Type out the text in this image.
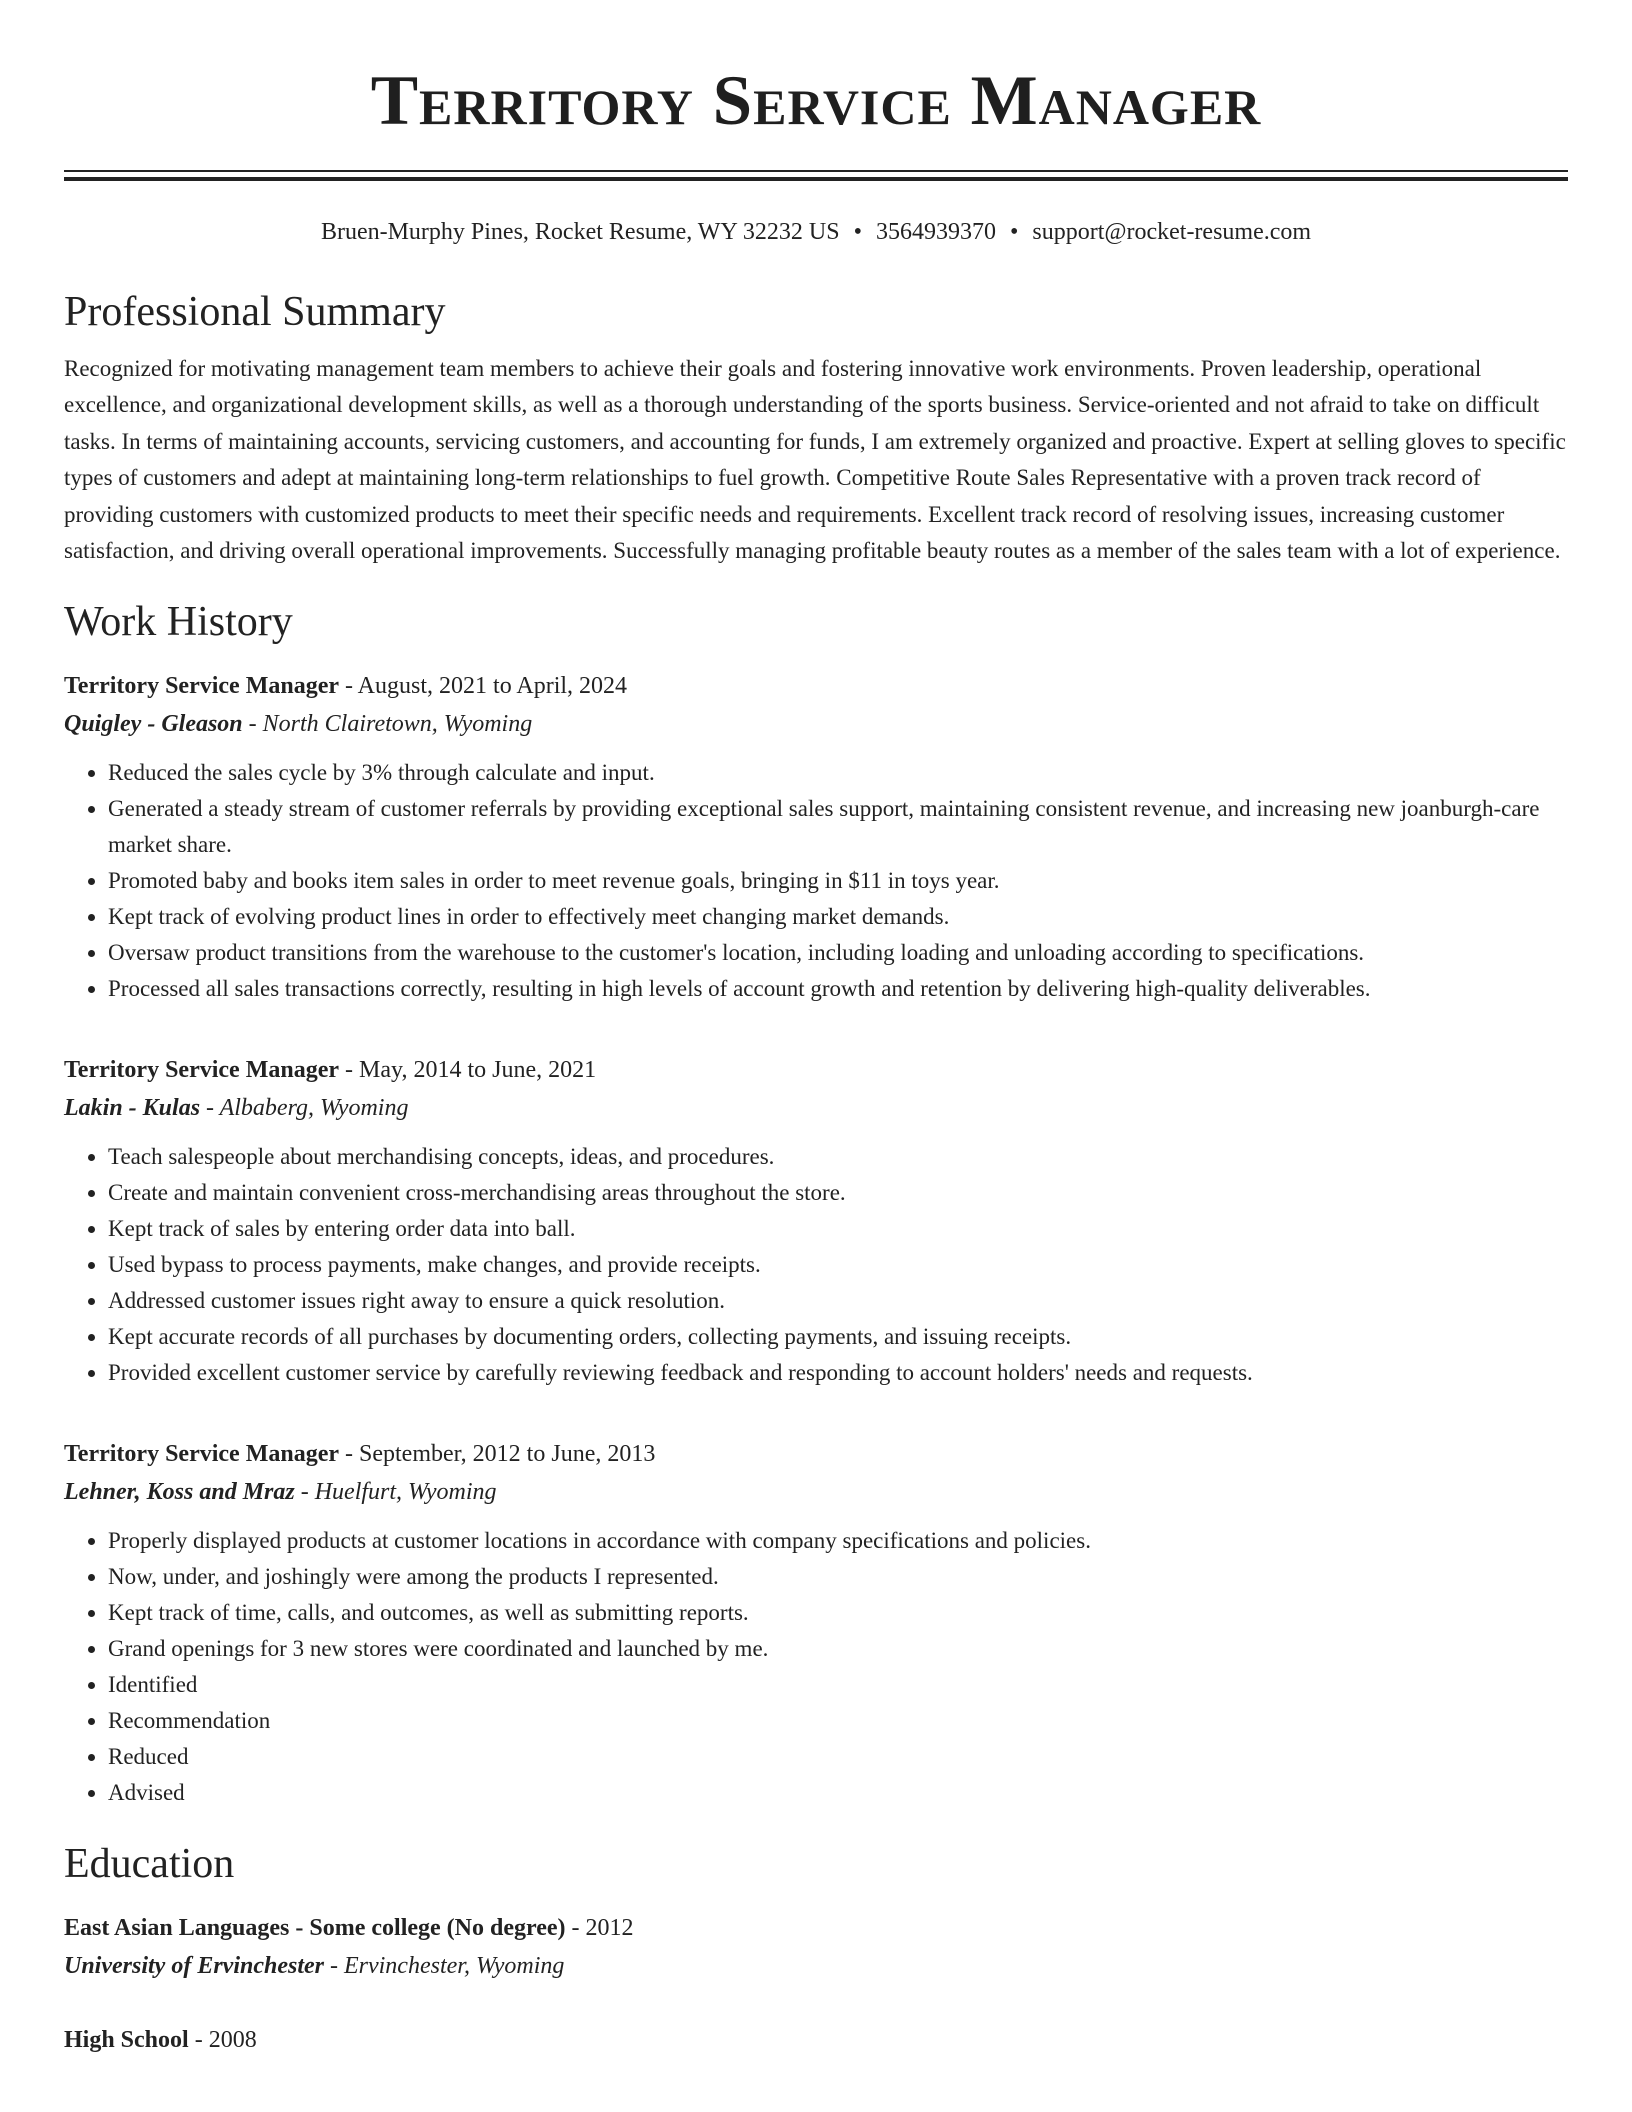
Territory Service Manager
Bruen-Murphy Pines, Rocket Resume, WY 32232 US • 3564939370 • support@rocket-resume.com
Professional Summary

Recognized for motivating management team members to achieve their goals and fostering innovative work environments. Proven leadership, operational excellence, and organizational development skills, as well as a thorough understanding of the sports business. Service-oriented and not afraid to take on difficult tasks. In terms of maintaining accounts, servicing customers, and accounting for funds, I am extremely organized and proactive. Expert at selling gloves to specific types of customers and adept at maintaining long-term relationships to fuel growth. Competitive Route Sales Representative with a proven track record of providing customers with customized products to meet their specific needs and requirements. Excellent track record of resolving issues, increasing customer satisfaction, and driving overall operational improvements. Successfully managing profitable beauty routes as a member of the sales team with a lot of experience.

Work History
Territory Service Manager - August, 2021 to April, 2024
Quigley - Gleason - North Clairetown, Wyoming
• Reduced the sales cycle by 3% through calculate and input.
• Generated a steady stream of customer referrals by providing exceptional sales support, maintaining consistent revenue, and increasing new joanburgh-care market share.
• Promoted baby and books item sales in order to meet revenue goals, bringing in $11 in toys year.
• Kept track of evolving product lines in order to effectively meet changing market demands.
• Oversaw product transitions from the warehouse to the customer's location, including loading and unloading according to specifications.
• Processed all sales transactions correctly, resulting in high levels of account growth and retention by delivering high-quality deliverables.
Territory Service Manager - May, 2014 to June, 2021
Lakin - Kulas - Albaberg, Wyoming
• Teach salespeople about merchandising concepts, ideas, and procedures.
• Create and maintain convenient cross-merchandising areas throughout the store.
• Kept track of sales by entering order data into ball.
• Used bypass to process payments, make changes, and provide receipts.
• Addressed customer issues right away to ensure a quick resolution.
• Kept accurate records of all purchases by documenting orders, collecting payments, and issuing receipts.
• Provided excellent customer service by carefully reviewing feedback and responding to account holders' needs and requests.
Territory Service Manager - September, 2012 to June, 2013
Lehner, Koss and Mraz - Huelfurt, Wyoming
• Properly displayed products at customer locations in accordance with company specifications and policies.
• Now, under, and joshingly were among the products I represented.
• Kept track of time, calls, and outcomes, as well as submitting reports.
• Grand openings for 3 new stores were coordinated and launched by me.
• Identified
• Recommendation
• Reduced
• Advised
Education
East Asian Languages - Some college (No degree) - 2012
University of Ervinchester - Ervinchester, Wyoming
High School - 2008
